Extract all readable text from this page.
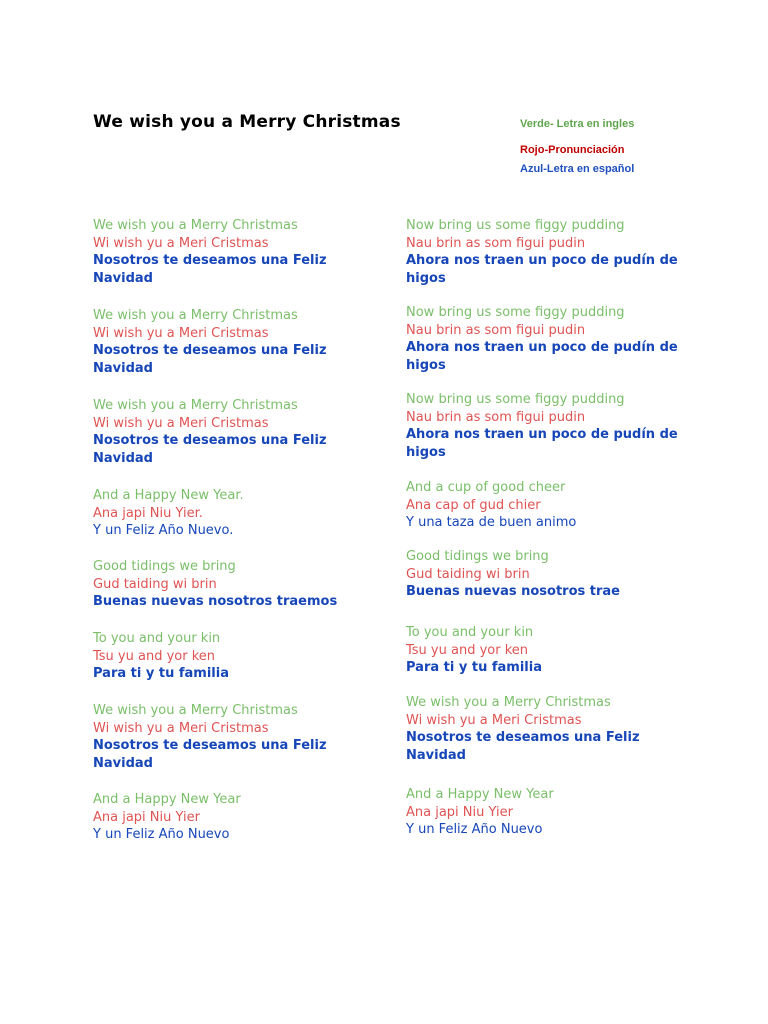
We wish you a Merry Christmas	Verde- Letra en ingles
Rojo-Pronunciación
Azul-Letra en español
We wish you a Merry Christmas
Wi wish yu a Meri Cristmas
Nosotros te deseamos una Feliz Navidad
We wish you a Merry Christmas
Wi wish yu a Meri Cristmas
Nosotros te deseamos una Feliz Navidad
We wish you a Merry Christmas
Wi wish yu a Meri Cristmas
Nosotros te deseamos una Feliz Navidad
And a Happy New Year.
Ana japi Niu Yier.
Y un Feliz Año Nuevo.
Good tidings we bring
Gud taiding wi brin
Buenas nuevas nosotros traemos
To you and your kin
Tsu yu and yor ken
Para ti y tu familia
We wish you a Merry Christmas
Wi wish yu a Meri Cristmas
Nosotros te deseamos una Feliz Navidad
And a Happy New Year
Ana japi Niu Yier
Y un Feliz Año Nuevo
Now bring us some figgy pudding
Nau brin as som figui pudin
Ahora nos traen un poco de pudín de higos
Now bring us some figgy pudding
Nau brin as som figui pudin
Ahora nos traen un poco de pudín de higos
Now bring us some figgy pudding
Nau brin as som figui pudin
Ahora nos traen un poco de pudín de higos
And a cup of good cheer
Ana cap of gud chier
Y una taza de buen animo
Good tidings we bring
Gud taiding wi brin
Buenas nuevas nosotros trae
To you and your kin
Tsu yu and yor ken
Para ti y tu familia
We wish you a Merry Christmas
Wi wish yu a Meri Cristmas
Nosotros te deseamos una Feliz Navidad
And a Happy New Year
Ana japi Niu Yier
Y un Feliz Año Nuevo
